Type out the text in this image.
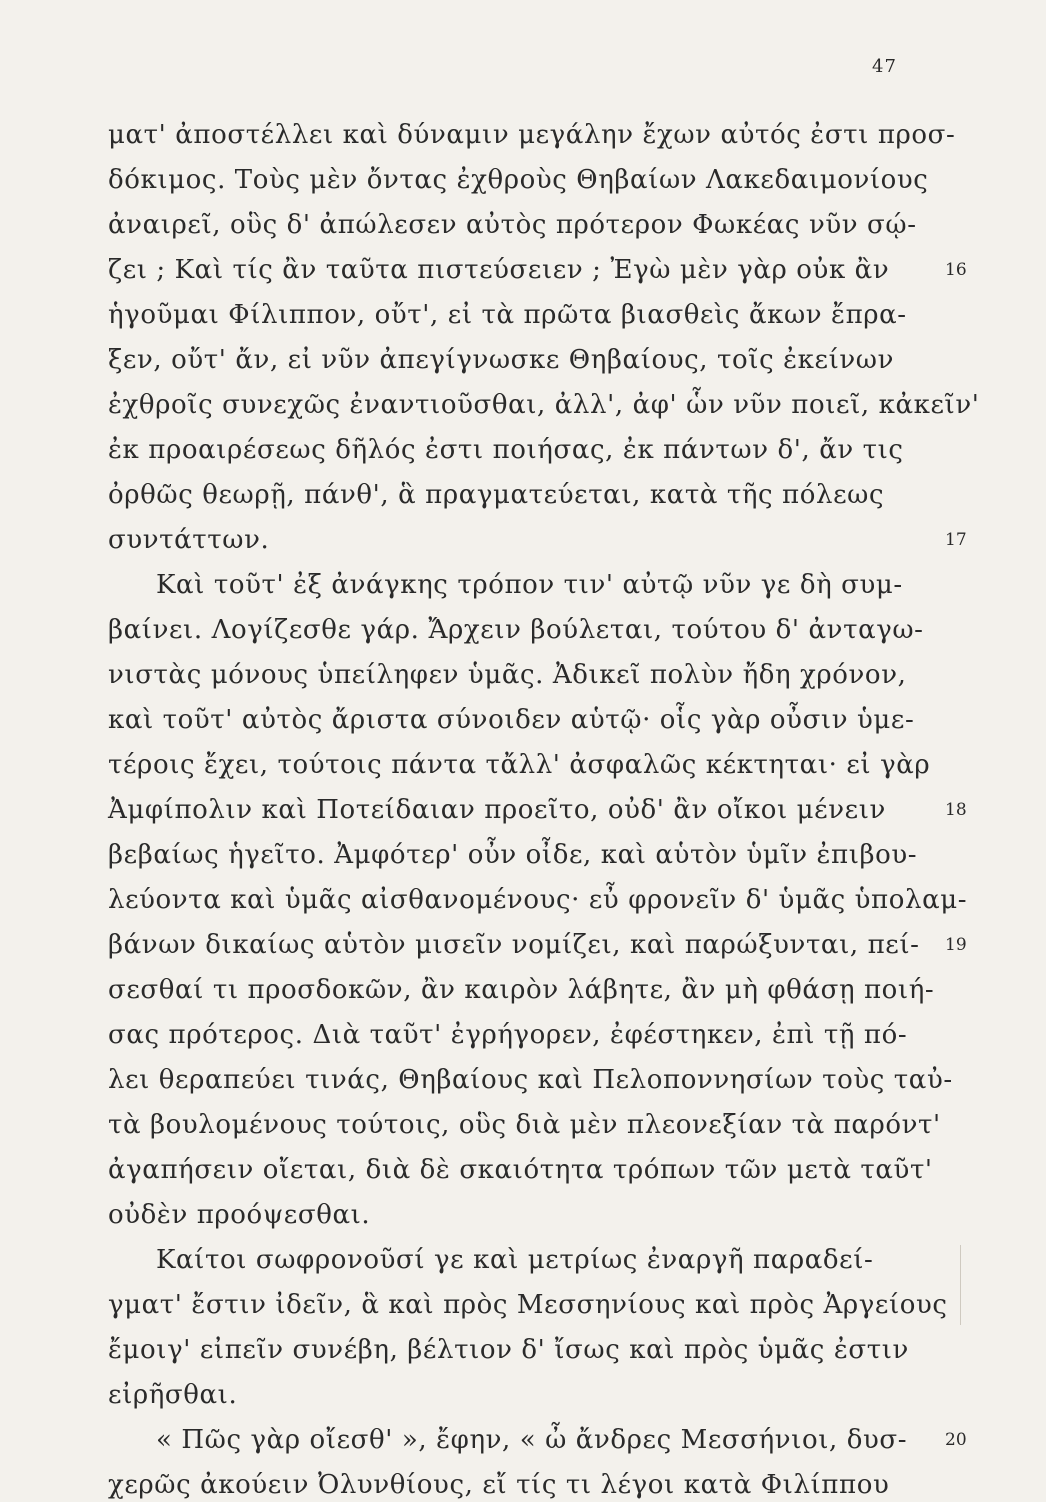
47
ματ' ἀποστέλλει καὶ δύναμιν μεγάλην ἔχων αὐτός ἐστι προσ-
δόκιμος. Τοὺς μὲν ὄντας ἐχθροὺς Θηβαίων Λακεδαιμονίους
ἀναιρεῖ, οὓς δ' ἀπώλεσεν αὐτὸς πρότερον Φωκέας νῦν σῴ-
ζει ; Καὶ τίς ἂν ταῦτα πιστεύσειεν ; Ἐγὼ μὲν γὰρ οὐκ ἂν
ἡγοῦμαι Φίλιππον, οὔτ', εἰ τὰ πρῶτα βιασθεὶς ἄκων ἔπρα-
ξεν, οὔτ' ἄν, εἰ νῦν ἀπεγίγνωσκε Θηβαίους, τοῖς ἐκείνων
ἐχθροῖς συνεχῶς ἐναντιοῦσθαι, ἀλλ', ἀφ' ὧν νῦν ποιεῖ, κἀκεῖν'
ἐκ προαιρέσεως δῆλός ἐστι ποιήσας, ἐκ πάντων δ', ἄν τις
ὀρθῶς θεωρῇ, πάνθ', ἃ πραγματεύεται, κατὰ τῆς πόλεως
συντάττων.
Καὶ τοῦτ' ἐξ ἀνάγκης τρόπον τιν' αὐτῷ νῦν γε δὴ συμ-
βαίνει. Λογίζεσθε γάρ. Ἄρχειν βούλεται, τούτου δ' ἀνταγω-
νιστὰς μόνους ὑπείληφεν ὑμᾶς. Ἀδικεῖ πολὺν ἤδη χρόνον,
καὶ τοῦτ' αὐτὸς ἄριστα σύνοιδεν αὑτῷ· οἷς γὰρ οὖσιν ὑμε-
τέροις ἔχει, τούτοις πάντα τἄλλ' ἀσφαλῶς κέκτηται· εἰ γὰρ
Ἀμφίπολιν καὶ Ποτείδαιαν προεῖτο, οὐδ' ἂν οἴκοι μένειν
βεβαίως ἡγεῖτο. Ἀμφότερ' οὖν οἶδε, καὶ αὑτὸν ὑμῖν ἐπιβου-
λεύοντα καὶ ὑμᾶς αἰσθανομένους· εὖ φρονεῖν δ' ὑμᾶς ὑπολαμ-
βάνων δικαίως αὑτὸν μισεῖν νομίζει, καὶ παρώξυνται, πεί-
σεσθαί τι προσδοκῶν, ἂν καιρὸν λάβητε, ἂν μὴ φθάσῃ ποιή-
σας πρότερος. Διὰ ταῦτ' ἐγρήγορεν, ἐφέστηκεν, ἐπὶ τῇ πό-
λει θεραπεύει τινάς, Θηβαίους καὶ Πελοποννησίων τοὺς ταὐ-
τὰ βουλομένους τούτοις, οὓς διὰ μὲν πλεονεξίαν τὰ παρόντ'
ἀγαπήσειν οἴεται, διὰ δὲ σκαιότητα τρόπων τῶν μετὰ ταῦτ'
οὐδὲν προόψεσθαι.
Καίτοι σωφρονοῦσί γε καὶ μετρίως ἐναργῆ παραδεί-
γματ' ἔστιν ἰδεῖν, ἃ καὶ πρὸς Μεσσηνίους καὶ πρὸς Ἀργείους
ἔμοιγ' εἰπεῖν συνέβη, βέλτιον δ' ἴσως καὶ πρὸς ὑμᾶς ἐστιν
εἰρῆσθαι.
« Πῶς γὰρ οἴεσθ' », ἔφην, « ὦ ἄνδρες Μεσσήνιοι, δυσ-
χερῶς ἀκούειν Ὀλυνθίους, εἴ τίς τι λέγοι κατὰ Φιλίππου
16
17
18
19
20
